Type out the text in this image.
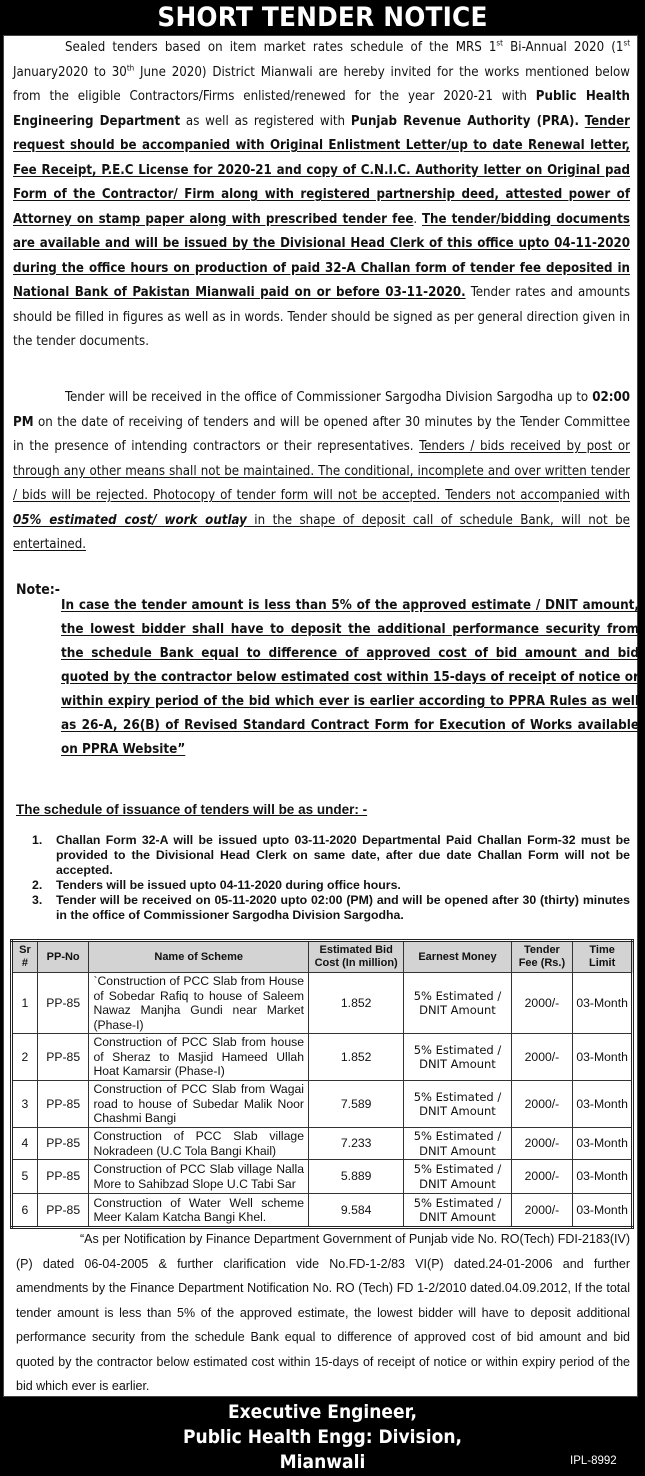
SHORT TENDER NOTICE
Sealed tenders based on item market rates schedule of the MRS 1st Bi-Annual 2020 (1st January2020 to 30th June 2020) District Mianwali are hereby invited for the works mentioned below from the eligible Contractors/Firms enlisted/renewed for the year 2020-21 with Public Health Engineering Department as well as registered with Punjab Revenue Authority (PRA). Tender request should be accompanied with Original Enlistment Letter/up to date Renewal letter, Fee Receipt, P.E.C License for 2020-21 and copy of C.N.I.C. Authority letter on Original pad Form of the Contractor/ Firm along with registered partnership deed, attested power of Attorney on stamp paper along with prescribed tender fee. The tender/bidding documents are available and will be issued by the Divisional Head Clerk of this office upto 04-11-2020 during the office hours on production of paid 32-A Challan form of tender fee deposited in National Bank of Pakistan Mianwali paid on or before 03-11-2020. Tender rates and amounts should be filled in figures as well as in words. Tender should be signed as per general direction given in the tender documents.
Tender will be received in the office of Commissioner Sargodha Division Sargodha up to 02:00 PM on the date of receiving of tenders and will be opened after 30 minutes by the Tender Committee in the presence of intending contractors or their representatives. Tenders / bids received by post or through any other means shall not be maintained. The conditional, incomplete and over written tender / bids will be rejected. Photocopy of tender form will not be accepted. Tenders not accompanied with 05% estimated cost/ work outlay in the shape of deposit call of schedule Bank, will not be entertained.
Note:-
In case the tender amount is less than 5% of the approved estimate / DNIT amount, the lowest bidder shall have to deposit the additional performance security from the schedule Bank equal to difference of approved cost of bid amount and bid quoted by the contractor below estimated cost within 15-days of receipt of notice or within expiry period of the bid which ever is earlier according to PPRA Rules as well as 26-A, 26(B) of Revised Standard Contract Form for Execution of Works available on PPRA Website”
The schedule of issuance of tenders will be as under: -
1. Challan Form 32-A will be issued upto 03-11-2020 Departmental Paid Challan Form-32 must be provided to the Divisional Head Clerk on same date, after due date Challan Form will not be accepted.
2. Tenders will be issued upto 04-11-2020 during office hours.
3. Tender will be received on 05-11-2020 upto 02:00 (PM) and will be opened after 30 (thirty) minutes in the office of Commissioner Sargodha Division Sargodha.
Sr #	PP-No	Name of Scheme	Estimated Bid Cost (In million)	Earnest Money	Tender Fee (Rs.)	Time Limit
1	PP-85	`Construction of PCC Slab from House of Sobedar Rafiq to house of Saleem Nawaz Manjha Gundi near Market (Phase-I)	1.852	5% Estimated / DNIT Amount	2000/-	03-Month
2	PP-85	Construction of PCC Slab from house of Sheraz to Masjid Hameed Ullah Hoat Kamarsir (Phase-I)	1.852	5% Estimated / DNIT Amount	2000/-	03-Month
3	PP-85	Construction of PCC Slab from Wagai road to house of Subedar Malik Noor Chashmi Bangi	7.589	5% Estimated / DNIT Amount	2000/-	03-Month
4	PP-85	Construction of PCC Slab village Nokradeen (U.C Tola Bangi Khail)	7.233	5% Estimated / DNIT Amount	2000/-	03-Month
5	PP-85	Construction of PCC Slab village Nalla More to Sahibzad Slope U.C Tabi Sar	5.889	5% Estimated / DNIT Amount	2000/-	03-Month
6	PP-85	Construction of Water Well scheme Meer Kalam Katcha Bangi Khel.	9.584	5% Estimated / DNIT Amount	2000/-	03-Month
“As per Notification by Finance Department Government of Punjab vide No. RO(Tech) FDI-2183(IV)(P) dated 06-04-2005 & further clarification vide No.FD-1-2/83 VI(P) dated.24-01-2006 and further amendments by the Finance Department Notification No. RO (Tech) FD 1-2/2010 dated.04.09.2012, If the total tender amount is less than 5% of the approved estimate, the lowest bidder will have to deposit additional performance security from the schedule Bank equal to difference of approved cost of bid amount and bid quoted by the contractor below estimated cost within 15-days of receipt of notice or within expiry period of the bid which ever is earlier.
Executive Engineer,
Public Health Engg: Division,
Mianwali	IPL-8992
